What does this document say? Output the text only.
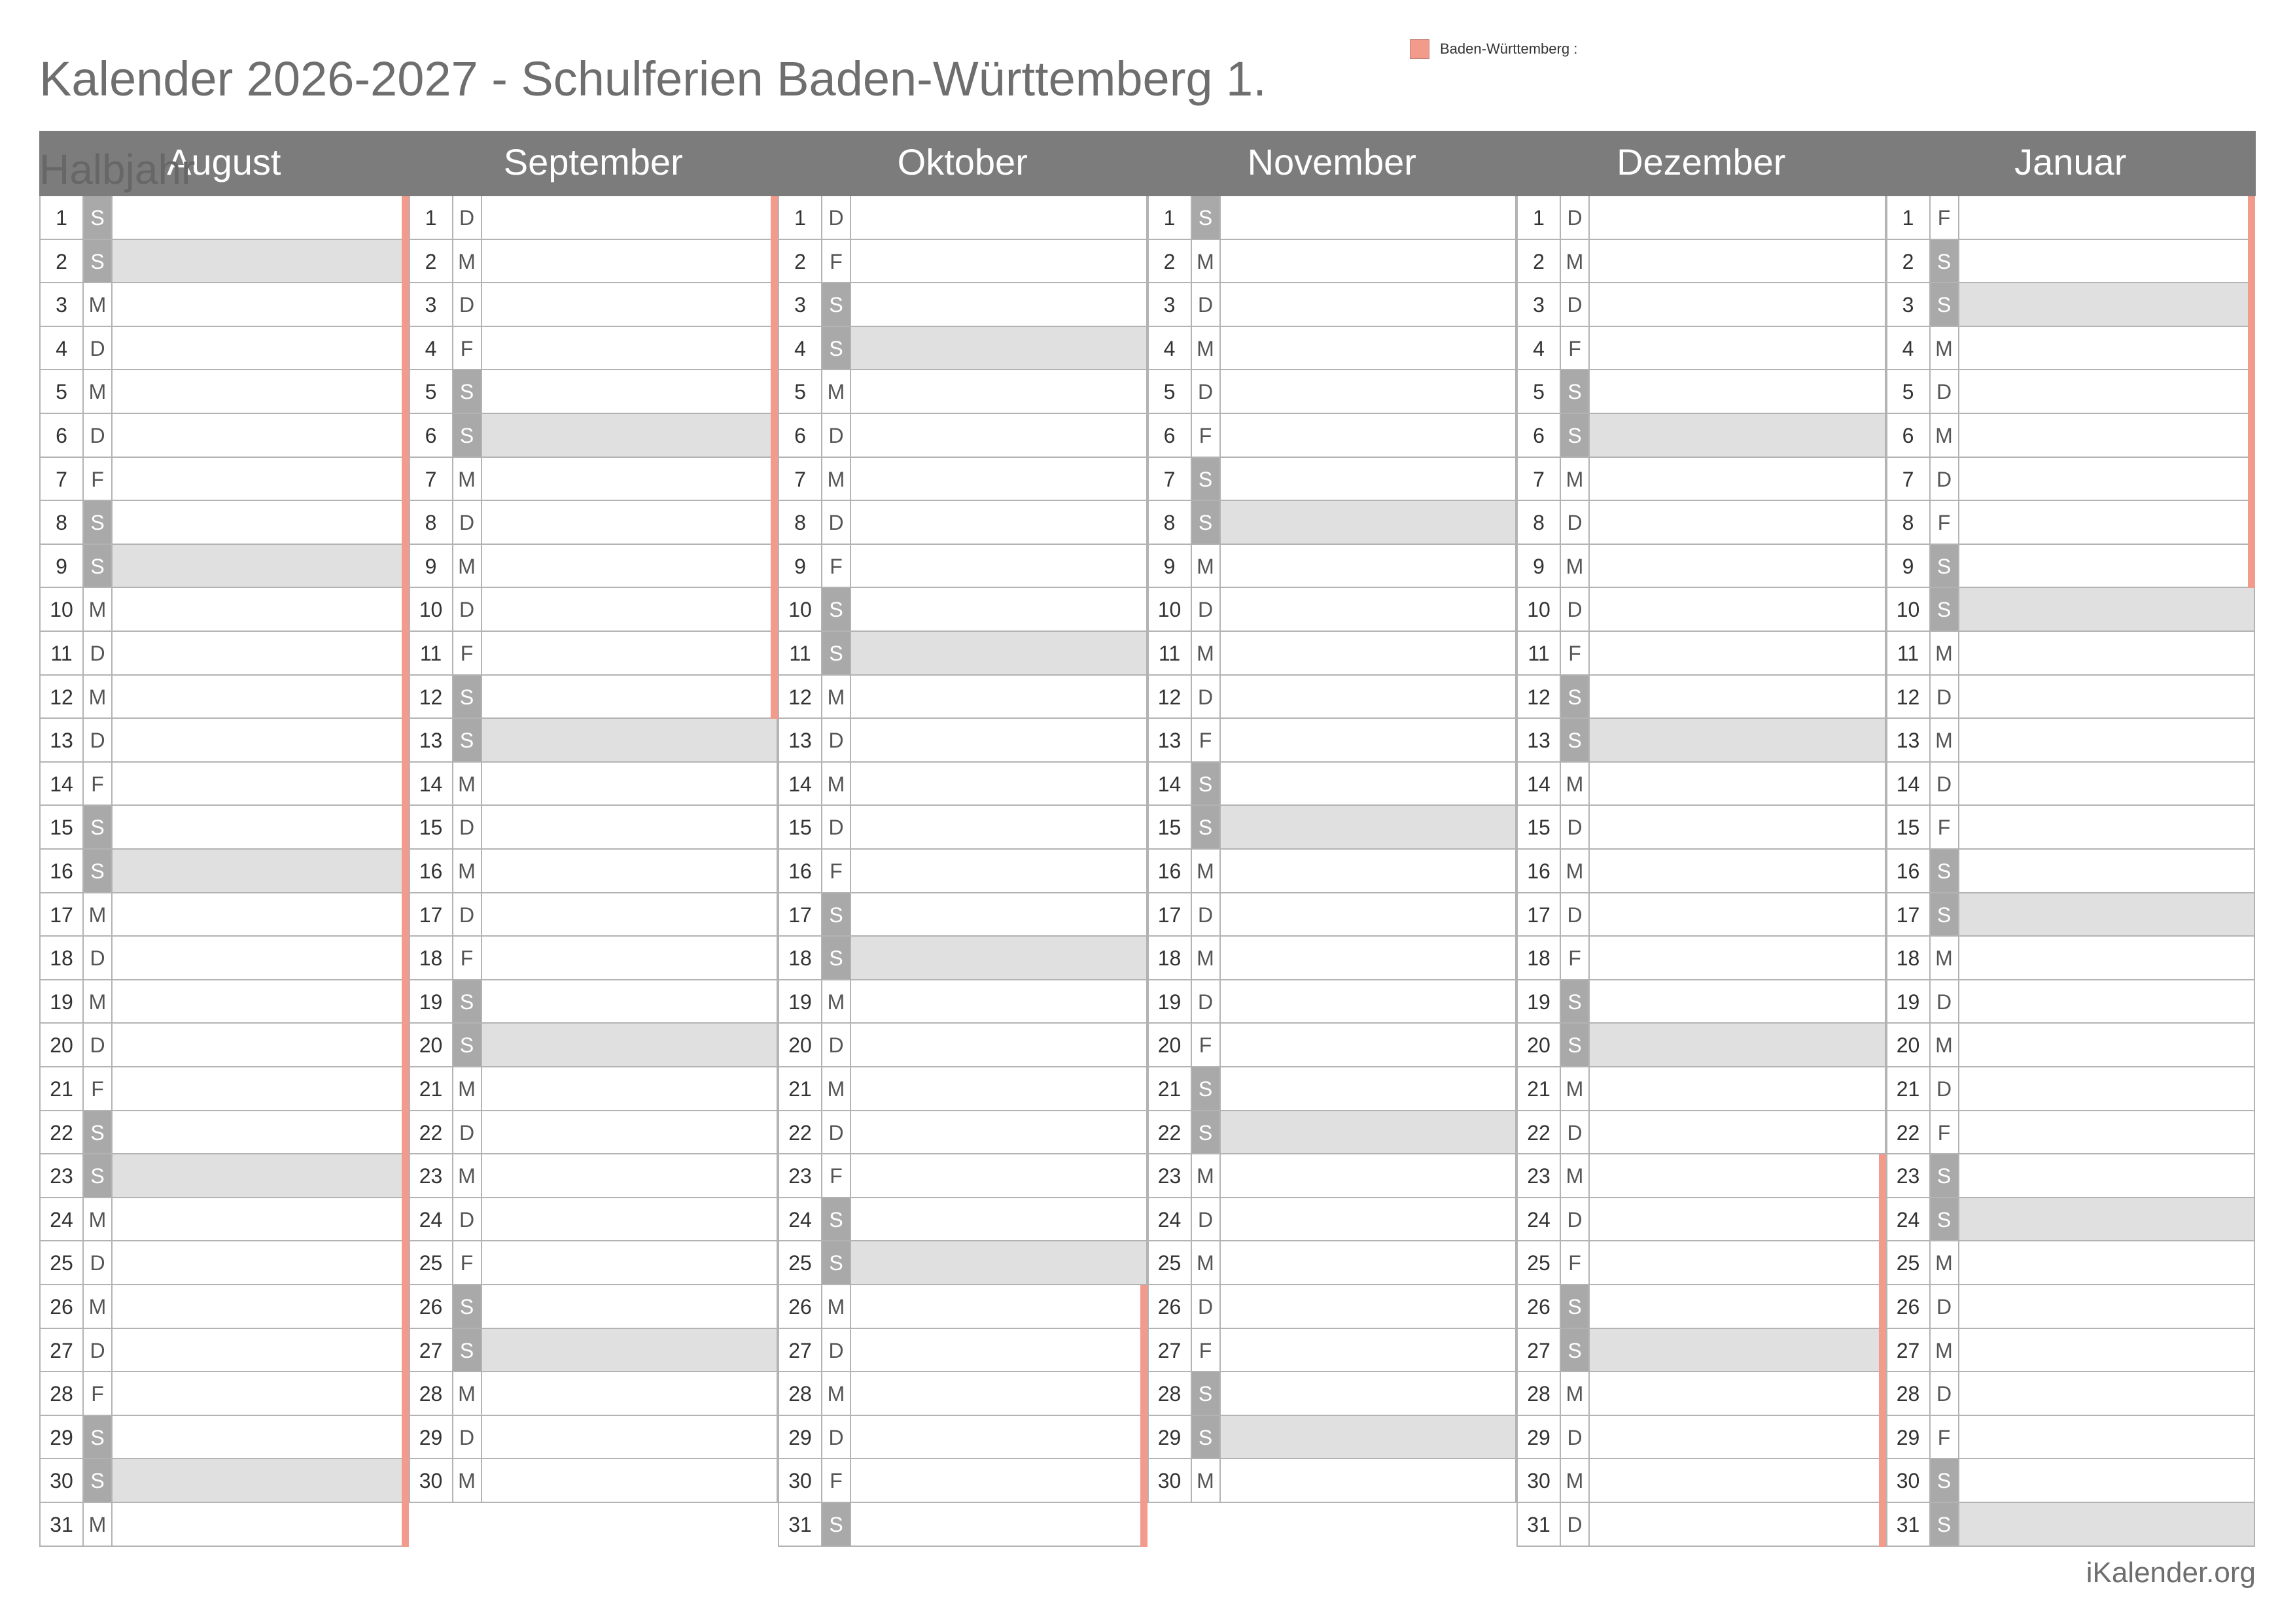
Kalender 2026-2027 - Schulferien Baden-Württemberg 1.
Baden-Württemberg :
August	September	Oktober	November	Dezember	Januar
Halbjahr
1	S
2	S
3	M
4	D
5	M
6	D
7	F
8	S
9	S
10 M
11 D
12 M
13 D
14 F
15 S
16 S
17 M
18 D
19 M
20 D
21 F
22 S
23 S
24 M
25 D
26 M
27 D
28 F
29 S
30 S
31 M
1	D
2	M
3	D
4	F
5	S
6	S
7	M
8	D
9	M
10 D
11 F
12 S
13 S
14 M
15 D
16 M
17 D
18 F
19 S
20 S
21 M
22 D
23 M
24 D
25 F
26 S
27 S
28 M
29 D
30 M
1	D
2	F
3	S
4	S
5	M
6	D
7	M
8	D
9	F
10 S
11 S
12 M
13 D
14 M
15 D
16 F
17 S
18 S
19 M
20 D
21 M
22 D
23 F
24 S
25 S
26 M
27 D
28 M
29 D
30 F
31 S
1	S
2	M
3	D
4	M
5	D
6	F
7	S
8	S
9	M
10 D
11 M
12 D
13 F
14 S
15 S
16 M
17 D
18 M
19 D
20 F
21 S
22 S
23 M
24 D
25 M
26 D
27 F
28 S
29 S
30 M
1	D
2	M
3	D
4	F
5	S
6	S
7	M
8	D
9	M
10 D
11 F
12 S
13 S
14 M
15 D
16 M
17 D
18 F
19 S
20 S
21 M
22 D
23 M
24 D
25 F
26 S
27 S
28 M
29 D
30 M
31 D
1	F
2	S
3	S
4	M
5	D
6	M
7	D
8	F
9	S
10 S
11 M
12 D
13 M
14 D
15 F
16 S
17 S
18 M
19 D
20 M
21 D
22 F
23 S
24 S
25 M
26 D
27 M
28 D
29 F
30 S
31 S
iKalender.org
